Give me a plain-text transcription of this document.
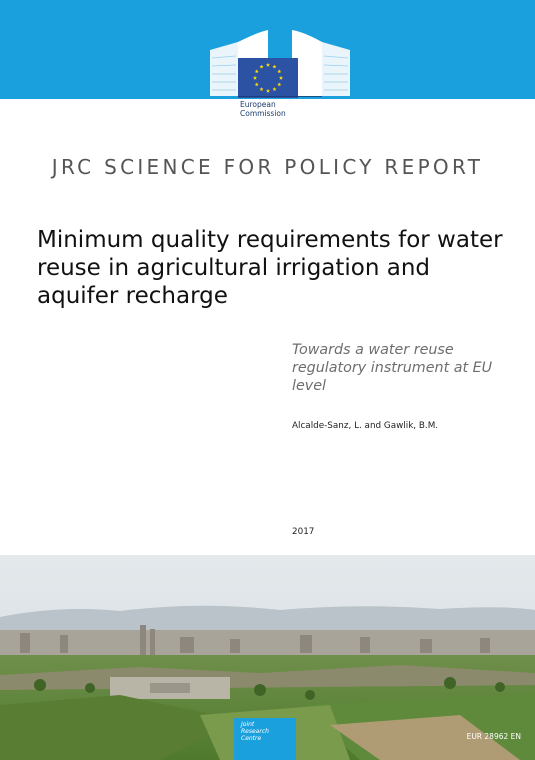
European
Commission
JRC SCIENCE FOR POLICY REPORT
Minimum quality requirements for water reuse in agricultural irrigation and aquifer recharge
Towards a water reuse regulatory instrument at EU level
Alcalde-Sanz, L. and Gawlik, B.M.
2017
Joint
Research
Centre	EUR 28962 EN
